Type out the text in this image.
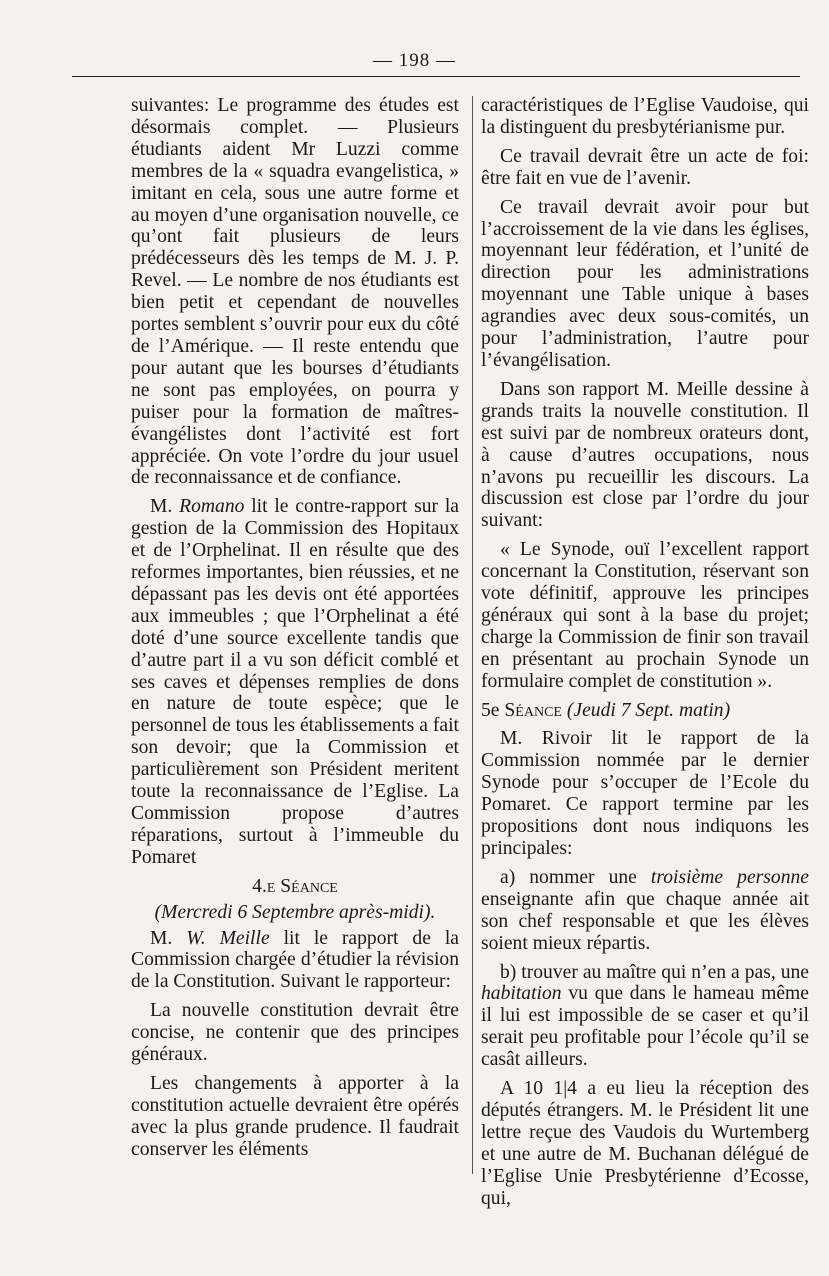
— 198 —

suivantes: Le programme des études est désormais complet. — Plusieurs étudiants aident Mr Luzzi comme membres de la « squadra evangelistica, » imitant en cela, sous une autre forme et au moyen d’une organisation nouvelle, ce qu’ont fait plusieurs de leurs prédécesseurs dès les temps de M. J. P. Revel. — Le nombre de nos étudiants est bien petit et cependant de nouvelles portes semblent s’ouvrir pour eux du côté de l’Amérique. — Il reste entendu que pour autant que les bourses d’étudiants ne sont pas employées, on pourra y puiser pour la formation de maîtres-évangélistes dont l’activité est fort appréciée. On vote l’ordre du jour usuel de reconnaissance et de confiance.

M. Romano lit le contre-rapport sur la gestion de la Commission des Hopitaux et de l’Orphelinat. Il en résulte que des reformes importantes, bien réussies, et ne dépassant pas les devis ont été apportées aux immeubles ; que l’Orphelinat a été doté d’une source excellente tandis que d’autre part il a vu son déficit comblé et ses caves et dépenses remplies de dons en nature de toute espèce; que le personnel de tous les établissements a fait son devoir; que la Commission et particulièrement son Président meritent toute la reconnaissance de l’Eglise. La Commission propose d’autres réparations, surtout à l’immeuble du Pomaret

4.e Séance
(Mercredi 6 Septembre après-midi).

M. W. Meille lit le rapport de la Commission chargée d’étudier la révision de la Constitution. Suivant le rapporteur:

La nouvelle constitution devrait être concise, ne contenir que des principes généraux.

Les changements à apporter à la constitution actuelle devraient être opérés avec la plus grande prudence. Il faudrait conserver les éléments

caractéristiques de l’Eglise Vaudoise, qui la distinguent du presbytérianisme pur.

Ce travail devrait être un acte de foi: être fait en vue de l’avenir.

Ce travail devrait avoir pour but l’accroissement de la vie dans les églises, moyennant leur fédération, et l’unité de direction pour les administrations moyennant une Table unique à bases agrandies avec deux sous-comités, un pour l’administration, l’autre pour l’évangélisation.

Dans son rapport M. Meille dessine à grands traits la nouvelle constitution. Il est suivi par de nombreux orateurs dont, à cause d’autres occupations, nous n’avons pu recueillir les discours. La discussion est close par l’ordre du jour suivant:

« Le Synode, ouï l’excellent rapport concernant la Constitution, réservant son vote définitif, approuve les principes généraux qui sont à la base du projet; charge la Commission de finir son travail en présentant au prochain Synode un formulaire complet de constitution ».

5e Séance (Jeudi 7 Sept. matin)

M. Rivoir lit le rapport de la Commission nommée par le dernier Synode pour s’occuper de l’Ecole du Pomaret. Ce rapport termine par les propositions dont nous indiquons les principales:

a) nommer une troisième personne enseignante afin que chaque année ait son chef responsable et que les élèves soient mieux répartis.

b) trouver au maître qui n’en a pas, une habitation vu que dans le hameau même il lui est impossible de se caser et qu’il serait peu profitable pour l’école qu’il se casât ailleurs.

A 10 1|4 a eu lieu la réception des députés étrangers. M. le Président lit une lettre reçue des Vaudois du Wurtemberg et une autre de M. Buchanan délégué de l’Eglise Unie Presbytérienne d’Ecosse, qui,
